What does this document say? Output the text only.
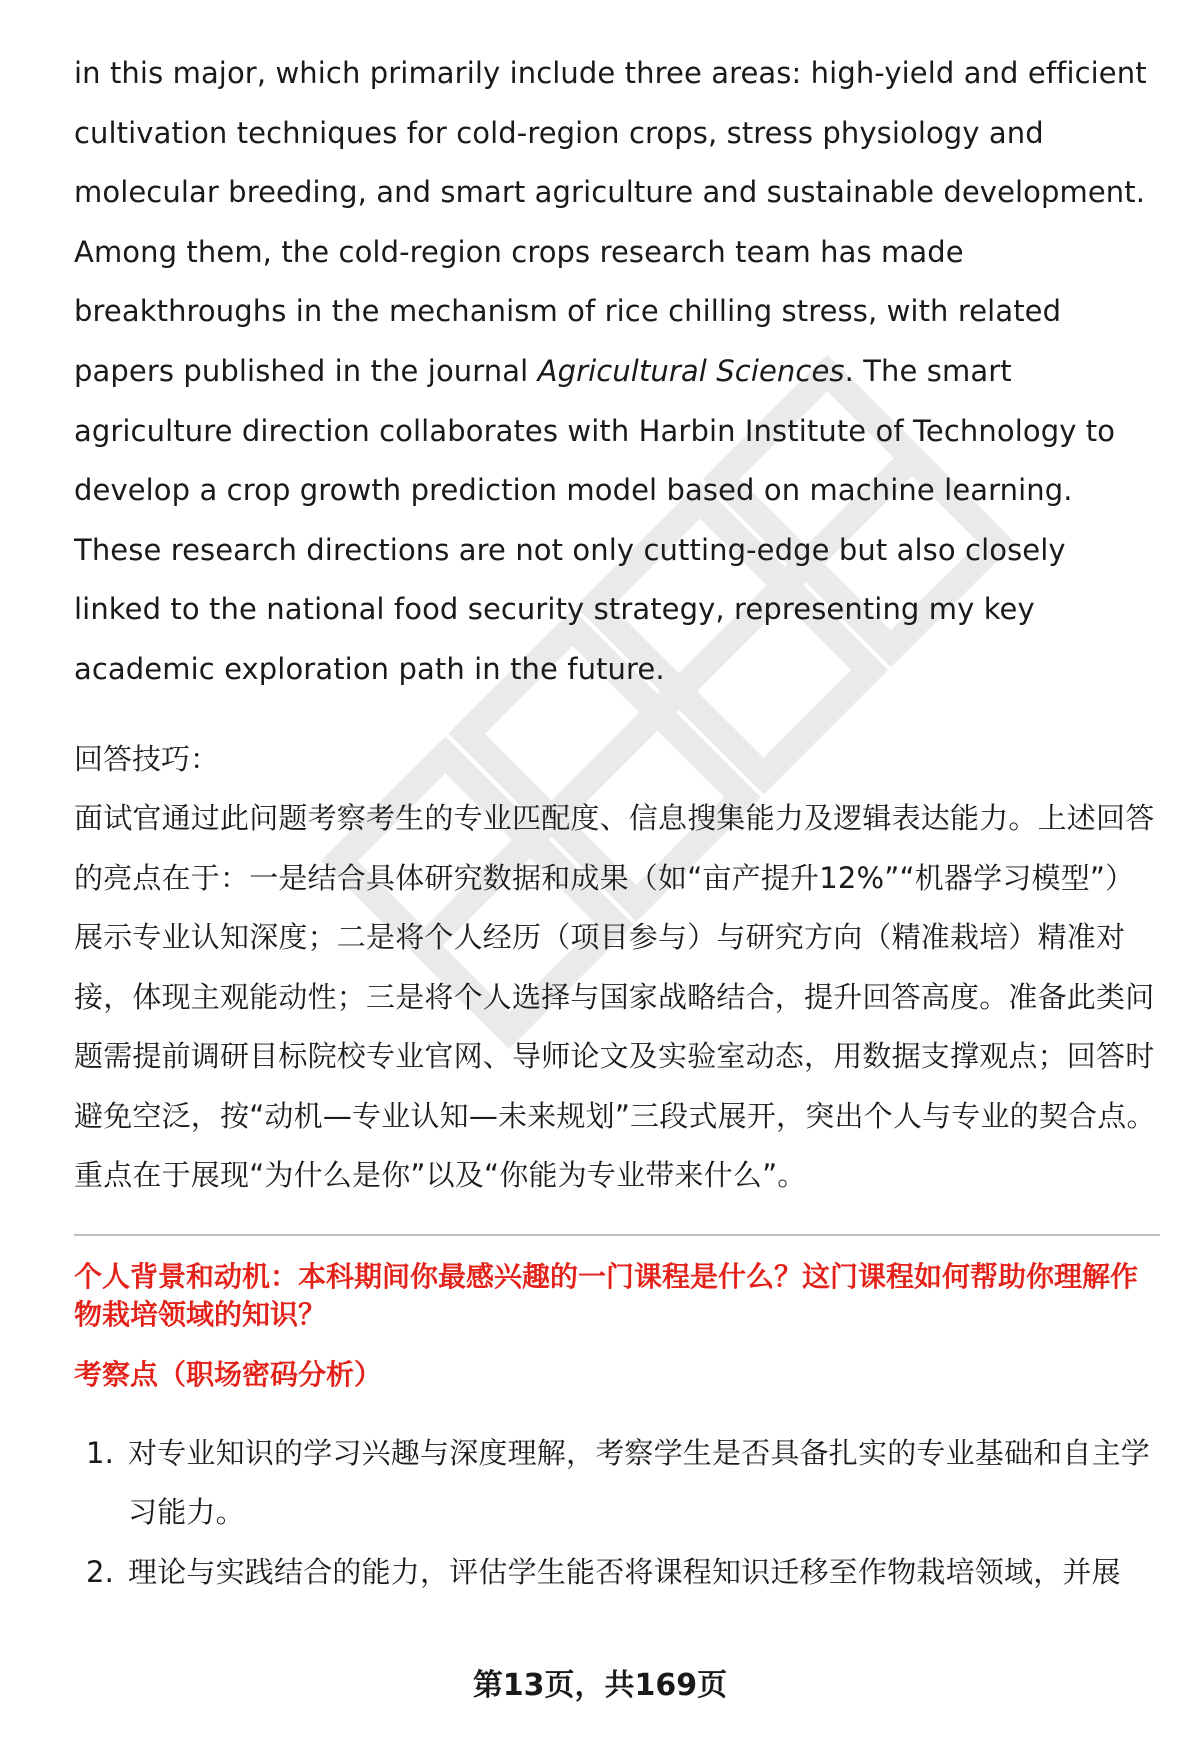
in this major, which primarily include three areas: high-yield and efficient cultivation techniques for cold-region crops, stress physiology and molecular breeding, and smart agriculture and sustainable development. Among them, the cold-region crops research team has made breakthroughs in the mechanism of rice chilling stress, with related papers published in the journal Agricultural Sciences. The smart agriculture direction collaborates with Harbin Institute of Technology to develop a crop growth prediction model based on machine learning. These research directions are not only cutting-edge but also closely linked to the national food security strategy, representing my key academic exploration path in the future.

回答技巧：

面试官通过此问题考察考生的专业匹配度、信息搜集能力及逻辑表达能力。上述回答的亮点在于：一是结合具体研究数据和成果（如“亩产提升12%”“机器学习模型”）展示专业认知深度；二是将个人经历（项目参与）与研究方向（精准栽培）精准对接，体现主观能动性；三是将个人选择与国家战略结合，提升回答高度。准备此类问题需提前调研目标院校专业官网、导师论文及实验室动态，用数据支撑观点；回答时避免空泛，按“动机—专业认知—未来规划”三段式展开，突出个人与专业的契合点。重点在于展现“为什么是你”以及“你能为专业带来什么”。

个人背景和动机：本科期间你最感兴趣的一门课程是什么？这门课程如何帮助你理解作物栽培领域的知识？

考察点（职场密码分析）

1. 对专业知识的学习兴趣与深度理解，考察学生是否具备扎实的专业基础和自主学习能力。
2. 理论与实践结合的能力，评估学生能否将课程知识迁移至作物栽培领域，并展
第13页，共169页
